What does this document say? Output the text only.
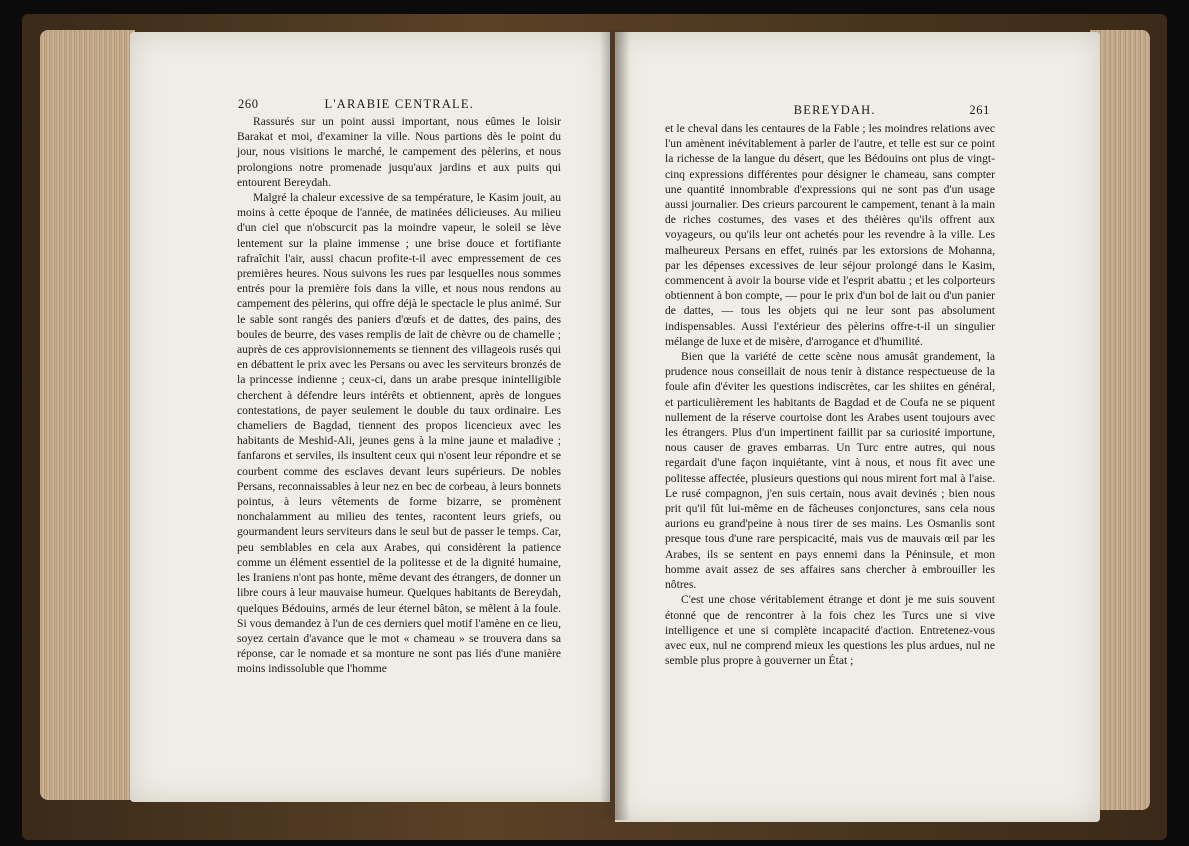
260	L'ARABIE CENTRALE.

Rassurés sur un point aussi important, nous eûmes le loisir Barakat et moi, d'examiner la ville. Nous partions dès le point du jour, nous visitions le marché, le campement des pèlerins, et nous prolongions notre promenade jusqu'aux jardins et aux puits qui entourent Bereydah.

Malgré la chaleur excessive de sa température, le Kasim jouit, au moins à cette époque de l'année, de matinées délicieuses. Au milieu d'un ciel que n'obscurcit pas la moindre vapeur, le soleil se lève lentement sur la plaine immense ; une brise douce et fortifiante rafraîchit l'air, aussi chacun profite-t-il avec empressement de ces premières heures. Nous suivons les rues par lesquelles nous sommes entrés pour la première fois dans la ville, et nous nous rendons au campement des pèlerins, qui offre déjà le spectacle le plus animé. Sur le sable sont rangés des paniers d'œufs et de dattes, des pains, des boules de beurre, des vases remplis de lait de chèvre ou de chamelle ; auprès de ces approvisionnements se tiennent des villageois rusés qui en débattent le prix avec les Persans ou avec les serviteurs bronzés de la princesse indienne ; ceux-ci, dans un arabe presque inintelligible cherchent à défendre leurs intérêts et obtiennent, après de longues contestations, de payer seulement le double du taux ordinaire. Les chameliers de Bagdad, tiennent des propos licencieux avec les habitants de Meshid-Ali, jeunes gens à la mine jaune et maladive ; fanfarons et serviles, ils insultent ceux qui n'osent leur répondre et se courbent comme des esclaves devant leurs supérieurs. De nobles Persans, reconnaissables à leur nez en bec de corbeau, à leurs bonnets pointus, à leurs vêtements de forme bizarre, se promènent nonchalamment au milieu des tentes, racontent leurs griefs, ou gourmandent leurs serviteurs dans le seul but de passer le temps. Car, peu semblables en cela aux Arabes, qui considèrent la patience comme un élément essentiel de la politesse et de la dignité humaine, les Iraniens n'ont pas honte, même devant des étrangers, de donner un libre cours à leur mauvaise humeur. Quelques habitants de Bereydah, quelques Bédouins, armés de leur éternel bâton, se mêlent à la foule. Si vous demandez à l'un de ces derniers quel motif l'amène en ce lieu, soyez certain d'avance que le mot « chameau » se trouvera dans sa réponse, car le nomade et sa monture ne sont pas liés d'une manière moins indissoluble que l'homme

BEREYDAH.	261

et le cheval dans les centaures de la Fable ; les moindres relations avec l'un amènent inévitablement à parler de l'autre, et telle est sur ce point la richesse de la langue du désert, que les Bédouins ont plus de vingt-cinq expressions différentes pour désigner le chameau, sans compter une quantité innombrable d'expressions qui ne sont pas d'un usage aussi journalier. Des crieurs parcourent le campement, tenant à la main de riches costumes, des vases et des théières qu'ils offrent aux voyageurs, ou qu'ils leur ont achetés pour les revendre à la ville. Les malheureux Persans en effet, ruinés par les extorsions de Mohanna, par les dépenses excessives de leur séjour prolongé dans le Kasim, commencent à avoir la bourse vide et l'esprit abattu ; et les colporteurs obtiennent à bon compte, — pour le prix d'un bol de lait ou d'un panier de dattes, — tous les objets qui ne leur sont pas absolument indispensables. Aussi l'extérieur des pèlerins offre-t-il un singulier mélange de luxe et de misère, d'arrogance et d'humilité.

Bien que la variété de cette scène nous amusât grandement, la prudence nous conseillait de nous tenir à distance respectueuse de la foule afin d'éviter les questions indiscrètes, car les shiites en général, et particulièrement les habitants de Bagdad et de Coufa ne se piquent nullement de la réserve courtoise dont les Arabes usent toujours avec les étrangers. Plus d'un impertinent faillit par sa curiosité importune, nous causer de graves embarras. Un Turc entre autres, qui nous regardait d'une façon inquiétante, vint à nous, et nous fit avec une politesse affectée, plusieurs questions qui nous mirent fort mal à l'aise. Le rusé compagnon, j'en suis certain, nous avait devinés ; bien nous prit qu'il fût lui-même en de fâcheuses conjonctures, sans cela nous aurions eu grand'peine à nous tirer de ses mains. Les Osmanlis sont presque tous d'une rare perspicacité, mais vus de mauvais œil par les Arabes, ils se sentent en pays ennemi dans la Péninsule, et mon homme avait assez de ses affaires sans chercher à embrouiller les nôtres.

C'est une chose véritablement étrange et dont je me suis souvent étonné que de rencontrer à la fois chez les Turcs une si vive intelligence et une si complète incapacité d'action. Entretenez-vous avec eux, nul ne comprend mieux les questions les plus ardues, nul ne semble plus propre à gouverner un État ;
